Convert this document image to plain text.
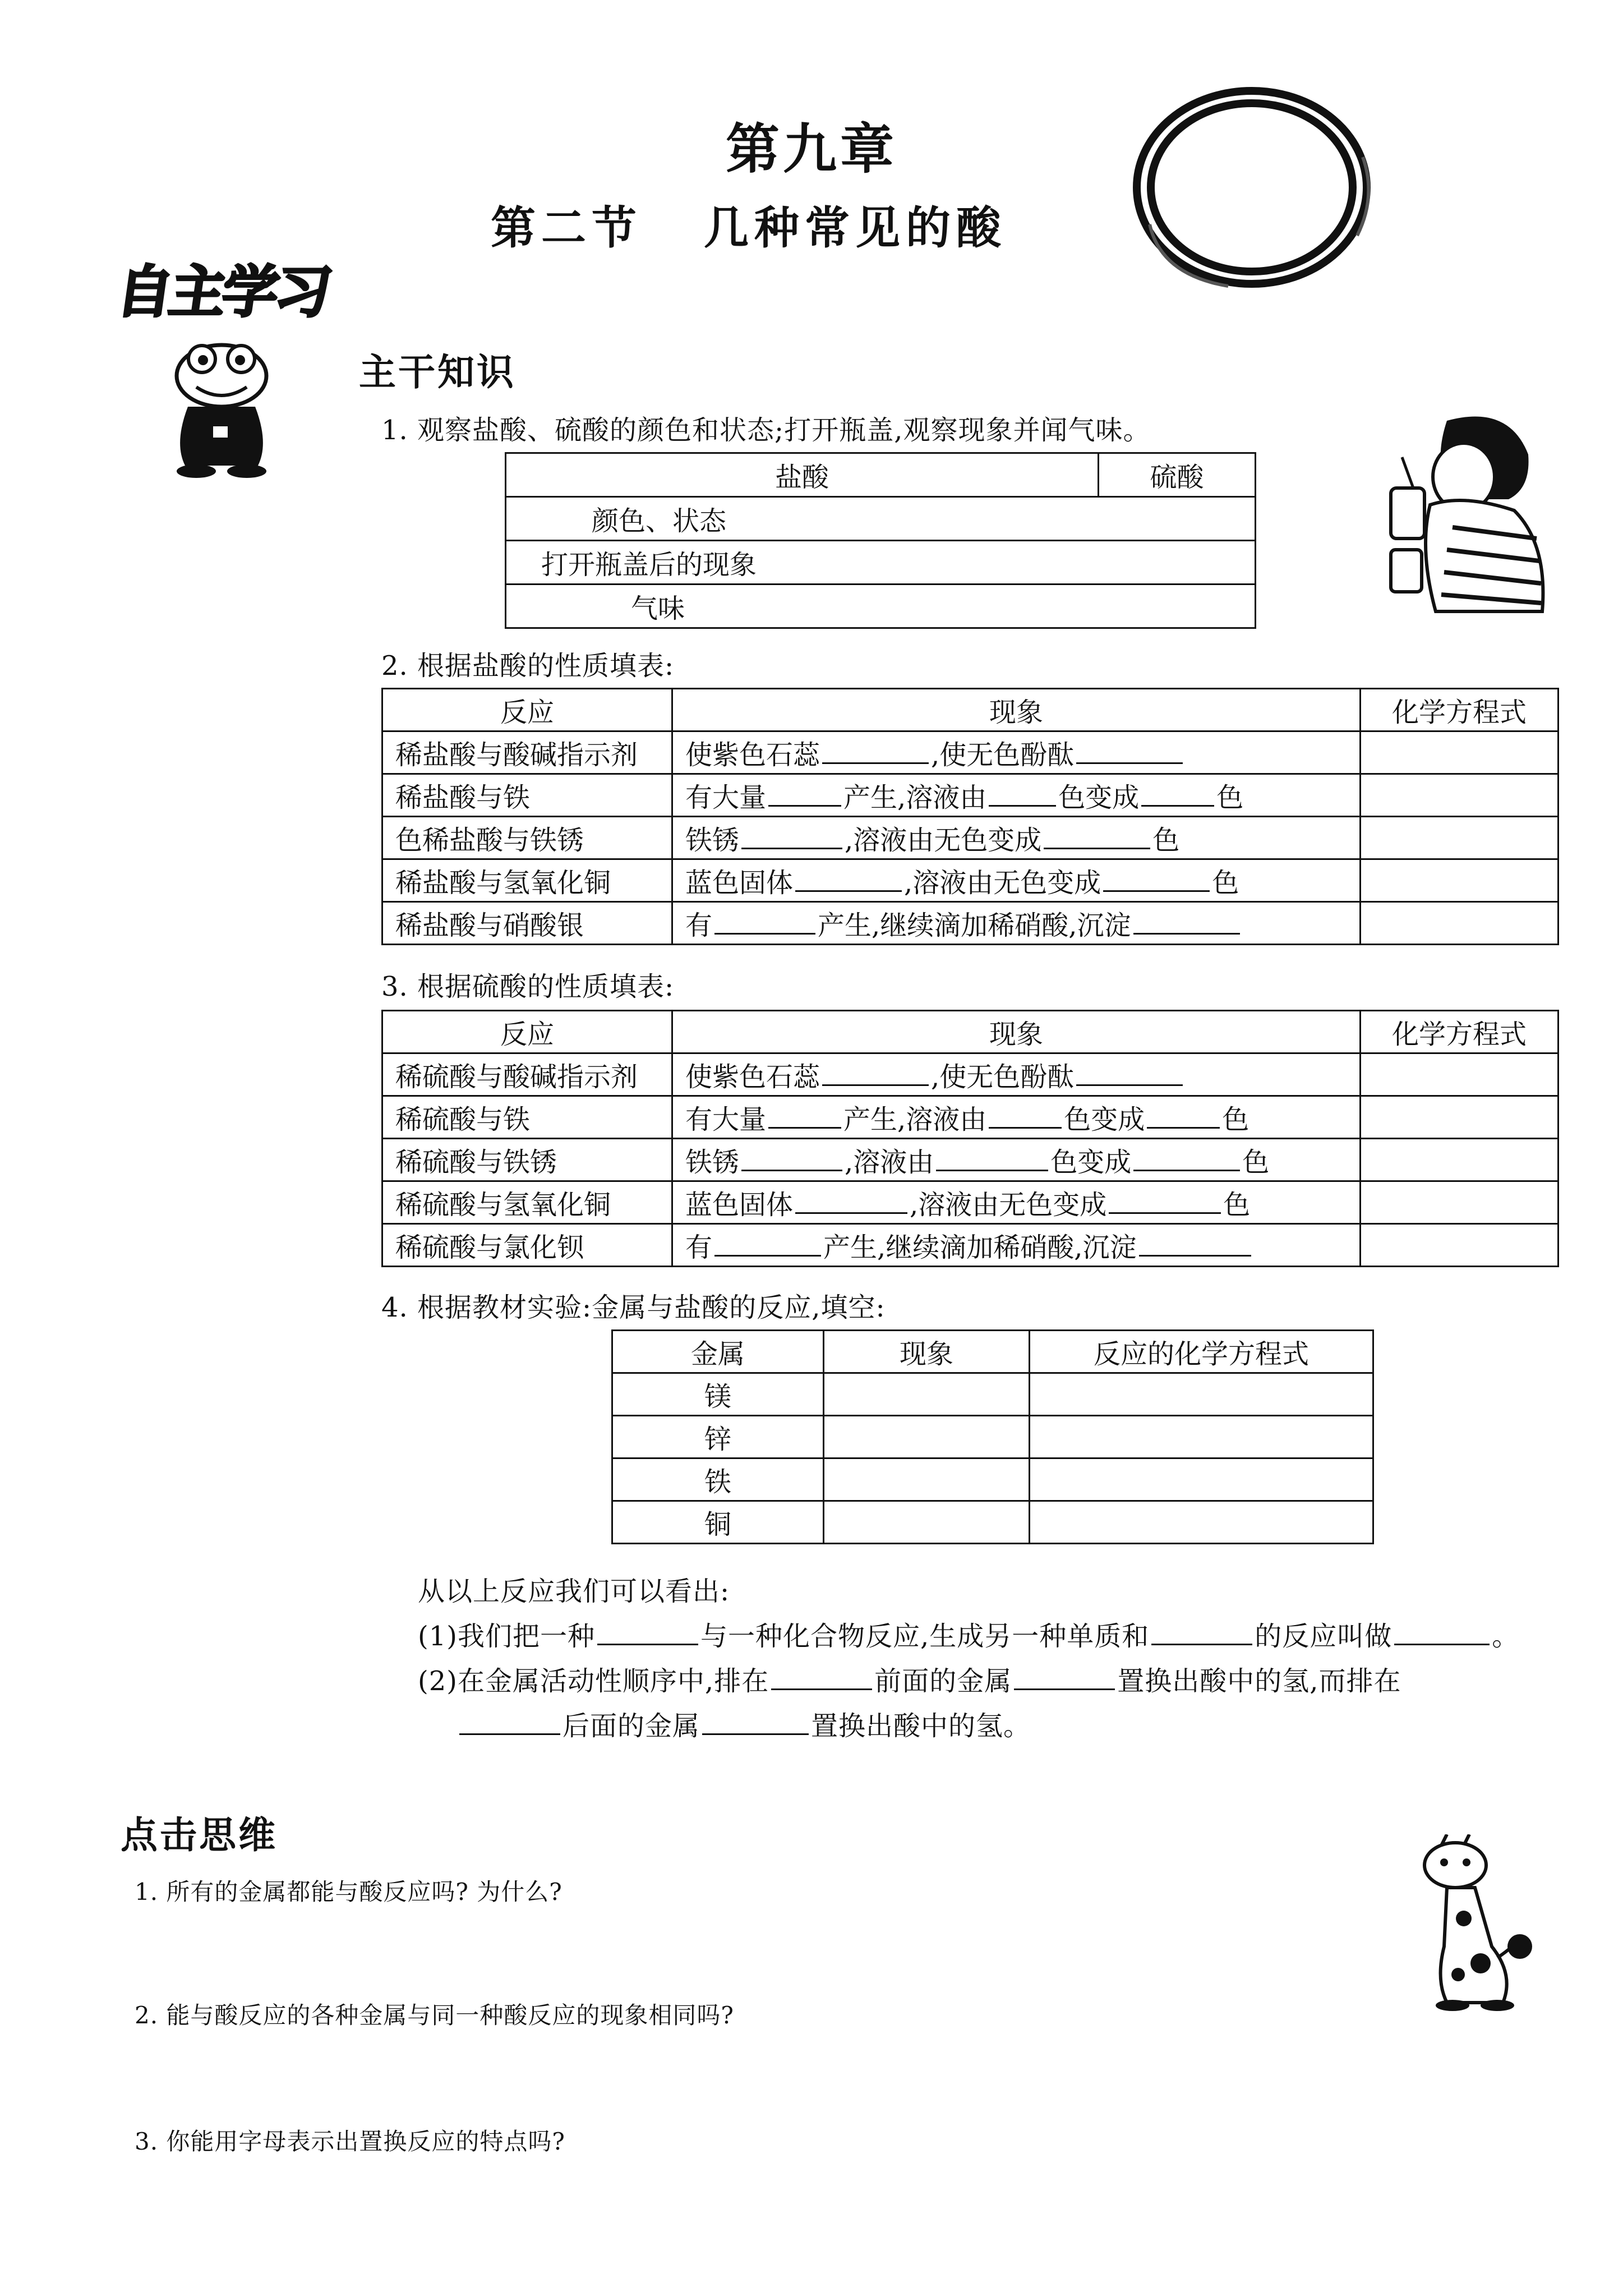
第九章
第二节 几种常见的酸
自主学习
主干知识
1. 观察盐酸、硫酸的颜色和状态;打开瓶盖,观察现象并闻气味。
盐酸	硫酸
颜色、状态
打开瓶盖后的现象
气味
2. 根据盐酸的性质填表:
反应	现象	化学方程式
稀盐酸与酸碱指示剂	使紫色石蕊 ,使无色酚酞	
稀盐酸与铁	有大量 产生,溶液由 色变成 色	
色稀盐酸与铁锈	铁锈 ,溶液由无色变成 色	
稀盐酸与氢氧化铜	蓝色固体 ,溶液由无色变成 色	
稀盐酸与硝酸银	有 产生,继续滴加稀硝酸,沉淀	
3. 根据硫酸的性质填表:
反应	现象	化学方程式
稀硫酸与酸碱指示剂	使紫色石蕊 ,使无色酚酞	
稀硫酸与铁	有大量 产生,溶液由 色变成 色	
稀硫酸与铁锈	铁锈 ,溶液由 色变成 色	
稀硫酸与氢氧化铜	蓝色固体 ,溶液由无色变成 色	
稀硫酸与氯化钡	有 产生,继续滴加稀硝酸,沉淀	
4. 根据教材实验:金属与盐酸的反应,填空:
金属	现象	反应的化学方程式
镁		
锌		
铁		
铜		
从以上反应我们可以看出:
(1)我们把一种	与一种化合物反应,生成另一种单质和	的反应叫做	。
(2)在金属活动性顺序中,排在	前面的金属	置换出酸中的氢,而排在
后面的金属	置换出酸中的氢。
点击思维
1. 所有的金属都能与酸反应吗? 为什么?
2. 能与酸反应的各种金属与同一种酸反应的现象相同吗?
3. 你能用字母表示出置换反应的特点吗?
